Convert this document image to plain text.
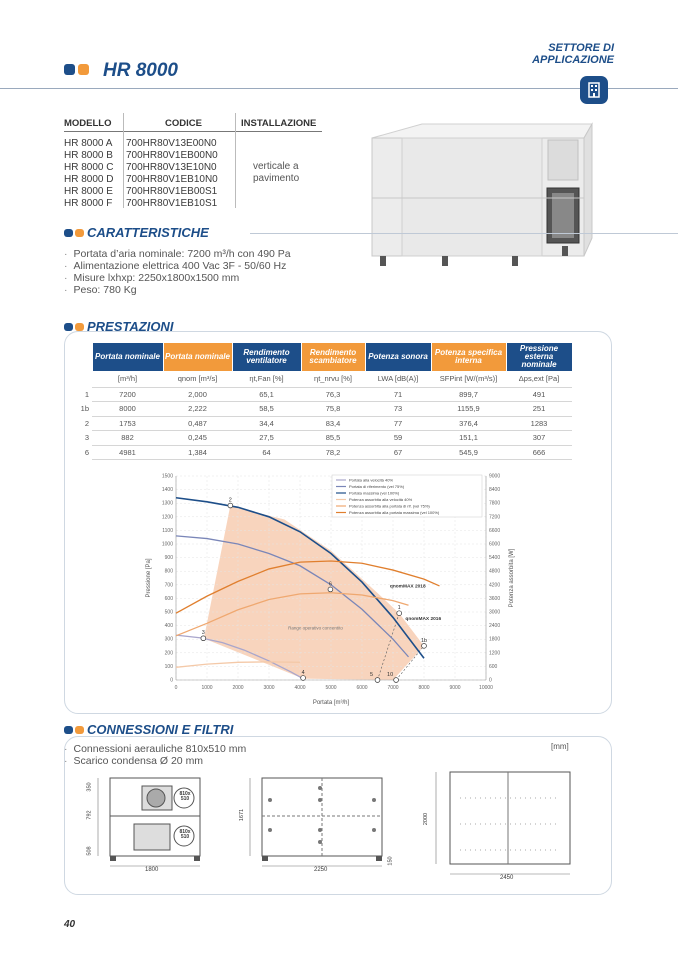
HR 8000
SETTORE DI
APPLICAZIONE
MODELLO	CODICE	INSTALLAZIONE
HR 8000 A 700HR80V13E00N0
HR 8000 B 700HR80V1EB00N0
HR 8000 C 700HR80V13E10N0
HR 8000 D 700HR80V1EB10N0
HR 8000 E 700HR80V1EB00S1
HR 8000 F 700HR80V1EB10S1
verticale a pavimento
CARATTERISTICHE
· Portata d’aria nominale: 7200 m³/h con 490 Pa
· Alimentazione elettrica 400 Vac 3F - 50/60 Hz
· Misure lxhxp: 2250x1800x1500 mm
· Peso: 780 Kg
PRESTAZIONI
	Portata nominale	Portata nominale	Rendimento ventilatore	Rendimento scambiatore	Potenza sonora	Potenza specifica interna	Pressione esterna nominale
	[m³/h]	qnom [m³/s]	ηt,Fan [%]	ηt_nrvu [%]	LWA [dB(A)]	SFPint [W/(m³/s)]	Δps,ext [Pa]
1	7200	2,000	65,1	76,3	71	899,7	491
1b	8000	2,222	58,5	75,8	73	1155,9	251
2	1753	0,487	34,4	83,4	77	376,4	1283
3	882	0,245	27,5	85,5	59	151,1	307
6	4981	1,384	64	78,2	67	545,9	666
Range operativo consentito
0	1000	2000	3000	4000	5000	6000	7000	8000	9000	10000
0
100
200
300
400
500
600
700
800
900
1000
1100
1200
1300
1400
1500
0
600
1200
1800
2400
3000
3600
4200
4800
5400
6000
6600
7200
7800
8400
9000
Portata [m³/h]
Pressione [Pa]	Potenza assorbita [W]
1
1b
2
3
4	5
6
10
qnomMAX 2018
qnomMAX 2016
Portata alla velocità 40%
Portata di riferimento (vel 75%)
Portata massima (vel 100%)
Potenza assorbita alla velocità 40%
Potenza assorbita alla portata di rif. (vel 75%)
Potenza assorbita alla portata massima (vel 100%)
CONNESSIONI E FILTRI
· Connessioni aerauliche 810x510 mm
· Scarico condensa Ø 20 mm
[mm]
810x 510
810x 510
1800
350
792
508
2250
1671
150
2450
2000
40
